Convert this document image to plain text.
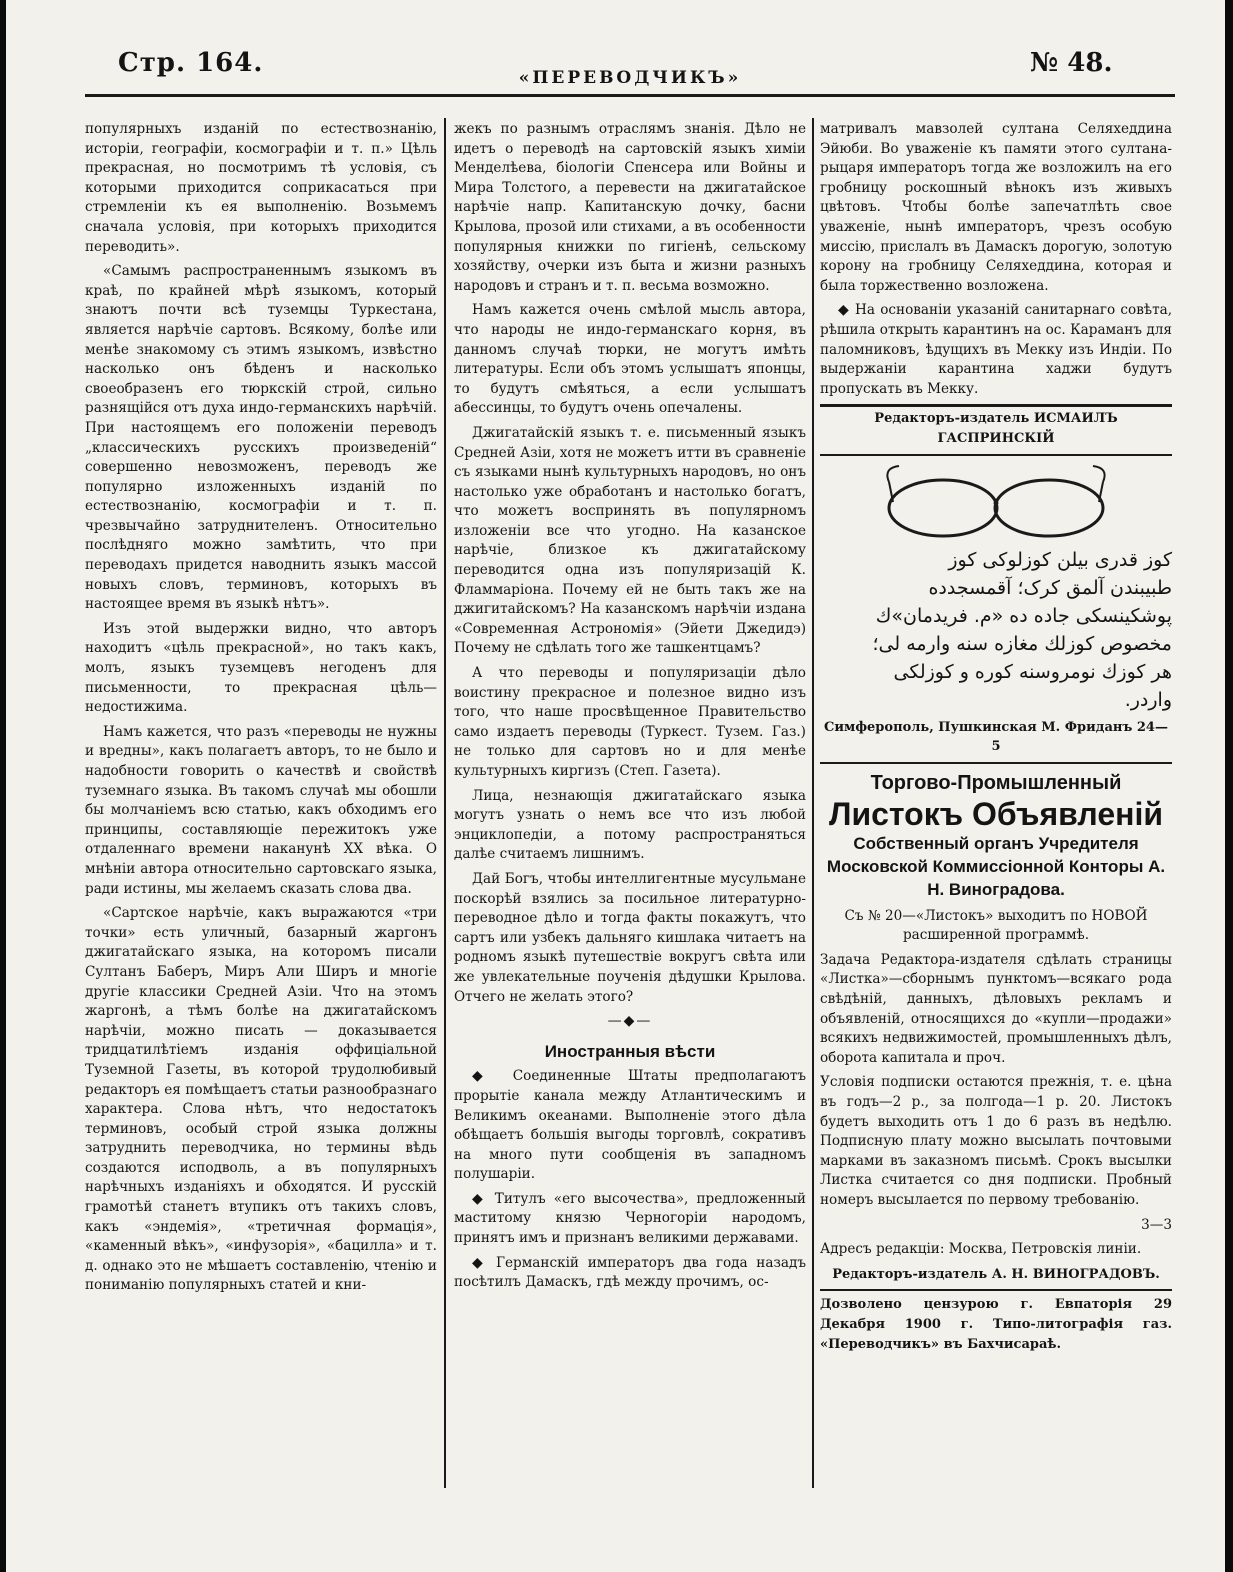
Стр. 164.	«ПЕРЕВОДЧИКЪ»	№ 48.

популярныхъ изданій по естествознанію, исторіи, географіи, космографіи и т. п.» Цѣль прекрасная, но посмотримъ тѣ условія, съ которыми приходится соприкасаться при стремленіи къ ея выполненію. Возьмемъ сначала условія, при которыхъ приходится переводить».

«Самымъ распространеннымъ языкомъ въ краѣ, по крайней мѣрѣ языкомъ, который знаютъ почти всѣ туземцы Туркестана, является нарѣчіе сартовъ. Всякому, болѣе или менѣе знакомому съ этимъ языкомъ, извѣстно насколько онъ бѣденъ и насколько своеобразенъ его тюркскій строй, сильно разнящійся отъ духа индо-германскихъ нарѣчій. При настоящемъ его положеніи переводъ „классическихъ русскихъ произведеній“ совершенно невозможенъ, переводъ же популярно изложенныхъ изданій по естествознанію, космографіи и т. п. чрезвычайно затруднителенъ. Относительно послѣдняго можно замѣтить, что при переводахъ придется наводнить языкъ массой новыхъ словъ, терминовъ, которыхъ въ настоящее время въ языкѣ нѣтъ».

Изъ этой выдержки видно, что авторъ находитъ «цѣль прекрасной», но такъ какъ, молъ, языкъ туземцевъ негоденъ для письменности, то прекрасная цѣль—недостижима.

Намъ кажется, что разъ «переводы не нужны и вредны», какъ полагаетъ авторъ, то не было и надобности говорить о качествѣ и свойствѣ туземнаго языка. Въ такомъ случаѣ мы обошли бы молчаніемъ всю статью, какъ обходимъ его принципы, составляющіе пережитокъ уже отдаленнаго времени наканунѣ XX вѣка. О мнѣніи автора относительно сартовскаго языка, ради истины, мы желаемъ сказать слова два.

«Сартское нарѣчіе, какъ выражаются «три точки» есть уличный, базарный жаргонъ джигатайскаго языка, на которомъ писали Султанъ Баберъ, Миръ Али Ширъ и многіе другіе классики Средней Азіи. Что на этомъ жаргонѣ, а тѣмъ болѣе на джигатайскомъ нарѣчіи, можно писать — доказывается тридцатилѣтіемъ изданія оффиціальной Туземной Газеты, въ которой трудолюбивый редакторъ ея помѣщаетъ статьи разнообразнаго характера. Слова нѣтъ, что недостатокъ терминовъ, особый строй языка должны затруднить переводчика, но термины вѣдь создаются исподволь, а въ популярныхъ нарѣчныхъ изданіяхъ и обходятся. И русскій грамотѣй станетъ втупикъ отъ такихъ словъ, какъ «эндемія», «третичная формація», «каменный вѣкъ», «инфузорія», «бацилла» и т. д. однако это не мѣшаетъ составленію, чтенію и пониманію популярныхъ статей и кни-

жекъ по разнымъ отраслямъ знанія. Дѣло не идетъ о переводѣ на сартовскій языкъ химіи Менделѣева, біологіи Спенсера или Войны и Мира Толстого, а перевести на джигатайское нарѣчіе напр. Капитанскую дочку, басни Крылова, прозой или стихами, а въ особенности популярныя книжки по гигіенѣ, сельскому хозяйству, очерки изъ быта и жизни разныхъ народовъ и странъ и т. п. весьма возможно.

Намъ кажется очень смѣлой мысль автора, что народы не индо-германскаго корня, въ данномъ случаѣ тюрки, не могутъ имѣть литературы. Если объ этомъ услышатъ японцы, то будутъ смѣяться, а если услышатъ абессинцы, то будутъ очень опечалены.

Джигатайскій языкъ т. е. письменный языкъ Средней Азіи, хотя не можетъ итти въ сравненіе съ языками нынѣ культурныхъ народовъ, но онъ настолько уже обработанъ и настолько богатъ, что можетъ воспринять въ популярномъ изложеніи все что угодно. На казанское нарѣчіе, близкое къ джигатайскому переводится одна изъ популяризацій К. Фламмаріона. Почему ей не быть такъ же на джигитайскомъ? На казанскомъ нарѣчіи издана «Современная Астрономія» (Эйети Джедидэ) Почему не сдѣлать того же ташкентцамъ?

А что переводы и популяризаціи дѣло воистину прекрасное и полезное видно изъ того, что наше просвѣщенное Правительство само издаетъ переводы (Туркест. Тузем. Газ.) не только для сартовъ но и для менѣе культурныхъ киргизъ (Степ. Газета).

Лица, незнающія джигатайскаго языка могутъ узнать о немъ все что изъ любой энциклопедіи, а потому распространяться далѣе считаемъ лишнимъ.

Дай Богъ, чтобы интеллигентные мусульмане поскорѣй взялись за посильное литературно-переводное дѣло и тогда факты покажутъ, что сартъ или узбекъ дальняго кишлака читаетъ на родномъ языкѣ путешествіе вокругъ свѣта или же увлекательные поученія дѣдушки Крылова. Отчего не желать этого?

—◆—
Иностранныя вѣсти

◆ Соединенные Штаты предполагаютъ прорытіе канала между Атлантическимъ и Великимъ океанами. Выполненіе этого дѣла обѣщаетъ большія выгоды торговлѣ, сокративъ на много пути сообщенія въ западномъ полушаріи.

◆ Титулъ «его высочества», предложенный маститому князю Черногоріи народомъ, принятъ имъ и признанъ великими державами.

◆ Германскій императоръ два года назадъ посѣтилъ Дамаскъ, гдѣ между прочимъ, ос-

матривалъ мавзолей султана Селяхеддина Эйюби. Во уваженіе къ памяти этого султана-рыцаря императоръ тогда же возложилъ на его гробницу роскошный вѣнокъ изъ живыхъ цвѣтовъ. Чтобы болѣе запечатлѣть свое уваженіе, нынѣ императоръ, чрезъ особую миссію, прислалъ въ Дамаскъ дорогую, золотую корону на гробницу Селяхеддина, которая и была торжественно возложена.

◆ На основаніи указаній санитарнаго совѣта, рѣшила открыть карантинъ на ос. Караманъ для паломниковъ, ѣдущихъ въ Мекку изъ Индіи. По выдержаніи карантина хаджи будутъ пропускать въ Мекку.

Редакторъ-издатель ИСМАИЛЪ ГАСПРИНСКІЙ

کوز قدری بیلن کوزلوکی کوز
طبیبندن آلمق کرک؛ آقمسجدده
پوشکینسکی جاده ده «م. فریدمان»ك
مخصوص کوزلك مغازه سنه وارمه لی؛
هر کوزك نومروسنه کوره و کوزلکی
واردر.

Симферополь, Пушкинская М. Фриданъ 24—5

Торгово-Промышленный
Листокъ Объявленій
Собственный органъ Учредителя Московской Коммиссіонной Конторы А. Н. Виноградова.

Съ № 20—«Листокъ» выходитъ по НОВОЙ расширенной программѣ.

Задача Редактора-издателя сдѣлать страницы «Листка»—сборнымъ пунктомъ—всякаго рода свѣдѣній, данныхъ, дѣловыхъ рекламъ и объявленій, относящихся до «купли—продажи» всякихъ недвижимостей, промышленныхъ дѣлъ, оборота капитала и проч.

Условія подписки остаются прежнія, т. е. цѣна въ годъ—2 р., за полгода—1 р. 20. Листокъ будетъ выходить отъ 1 до 6 разъ въ недѣлю. Подписную плату можно высылать почтовыми марками въ заказномъ письмѣ. Срокъ высылки Листка считается со дня подписки. Пробный номеръ высылается по первому требованію.

3—3

Адресъ редакціи: Москва, Петровскія линіи.

Редакторъ-издатель А. Н. ВИНОГРАДОВЪ.

Дозволено цензурою г. Евпаторія 29 Декабря 1900 г. Типо-литографія газ. «Переводчикъ» въ Бахчисараѣ.
